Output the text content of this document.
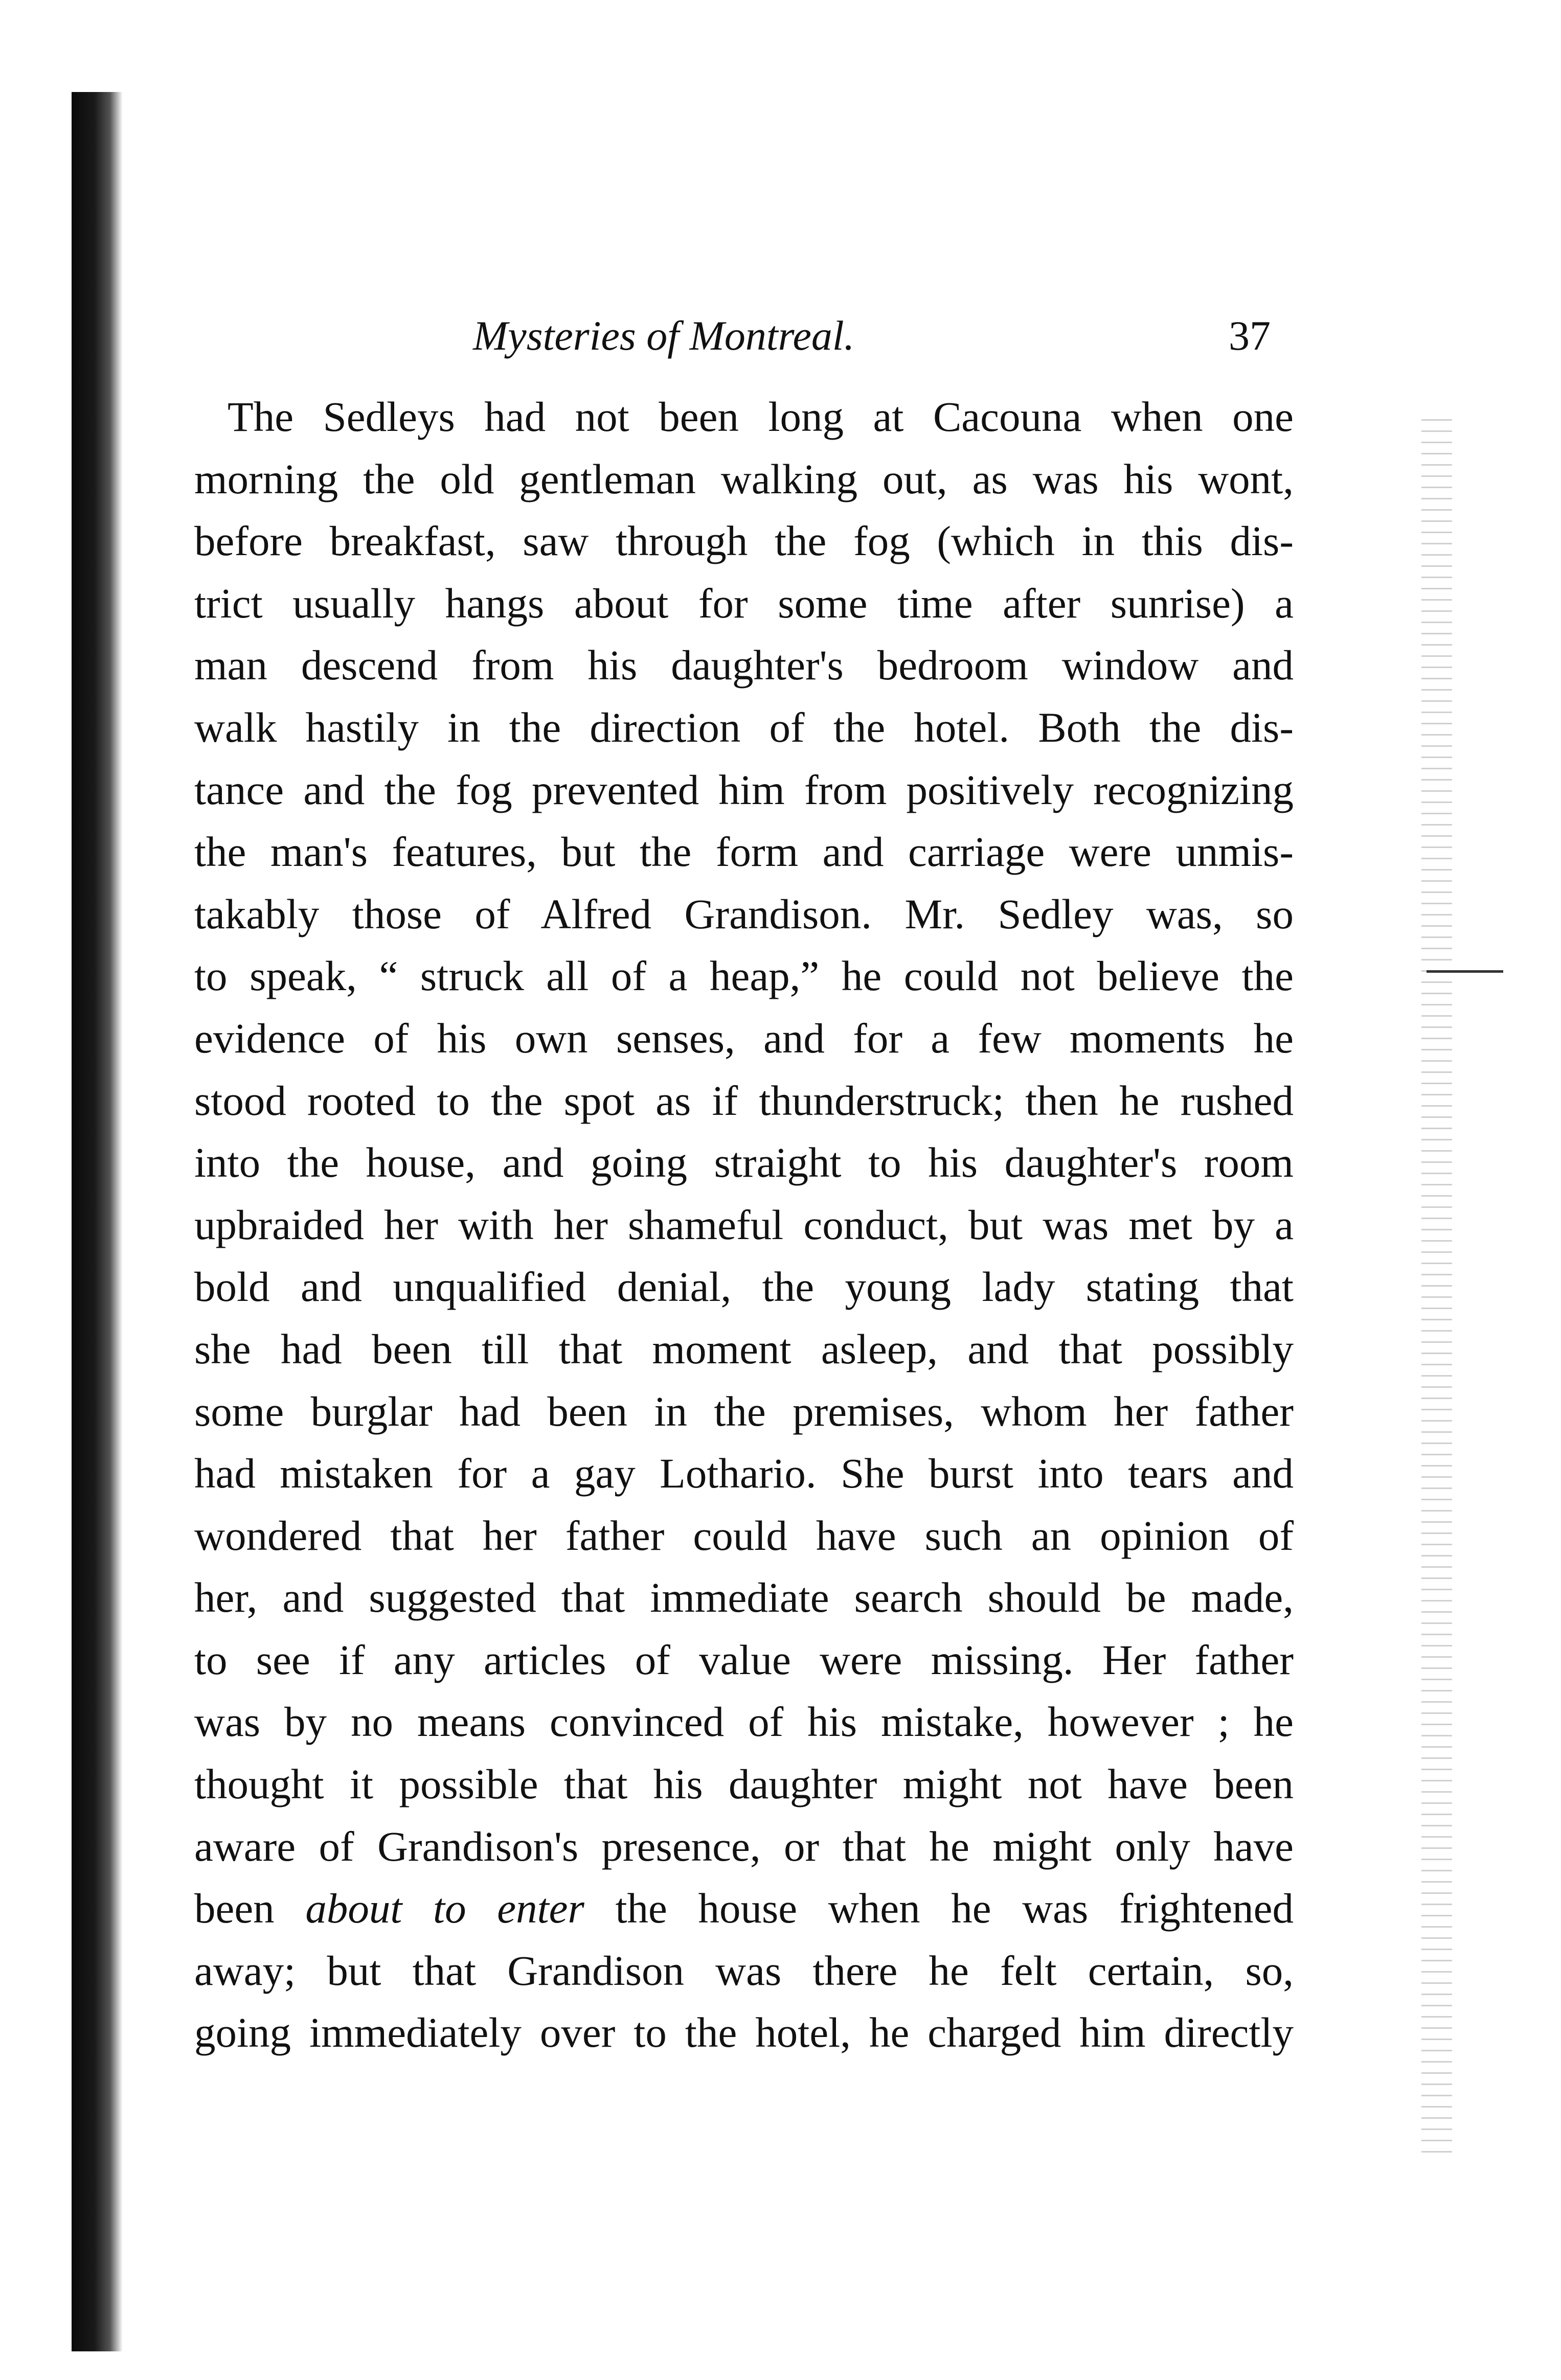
Mysteries of Montreal.	37
The Sedleys had not been long at Cacouna when one
morning the old gentleman walking out, as was his wont,
before breakfast, saw through the fog (which in this dis-
trict usually hangs about for some time after sunrise) a
man descend from his daughter's bedroom window and
walk hastily in the direction of the hotel. Both the dis-
tance and the fog prevented him from positively recognizing
the man's features, but the form and carriage were unmis-
takably those of Alfred Grandison. Mr. Sedley was, so
to speak, “ struck all of a heap,” he could not believe the
evidence of his own senses, and for a few moments he
stood rooted to the spot as if thunderstruck; then he rushed
into the house, and going straight to his daughter's room
upbraided her with her shameful conduct, but was met by a
bold and unqualified denial, the young lady stating that
she had been till that moment asleep, and that possibly
some burglar had been in the premises, whom her father
had mistaken for a gay Lothario. She burst into tears and
wondered that her father could have such an opinion of
her, and suggested that immediate search should be made,
to see if any articles of value were missing. Her father
was by no means convinced of his mistake, however ; he
thought it possible that his daughter might not have been
aware of Grandison's presence, or that he might only have
been about to enter the house when he was frightened
away; but that Grandison was there he felt certain, so,
going immediately over to the hotel, he charged him directly
